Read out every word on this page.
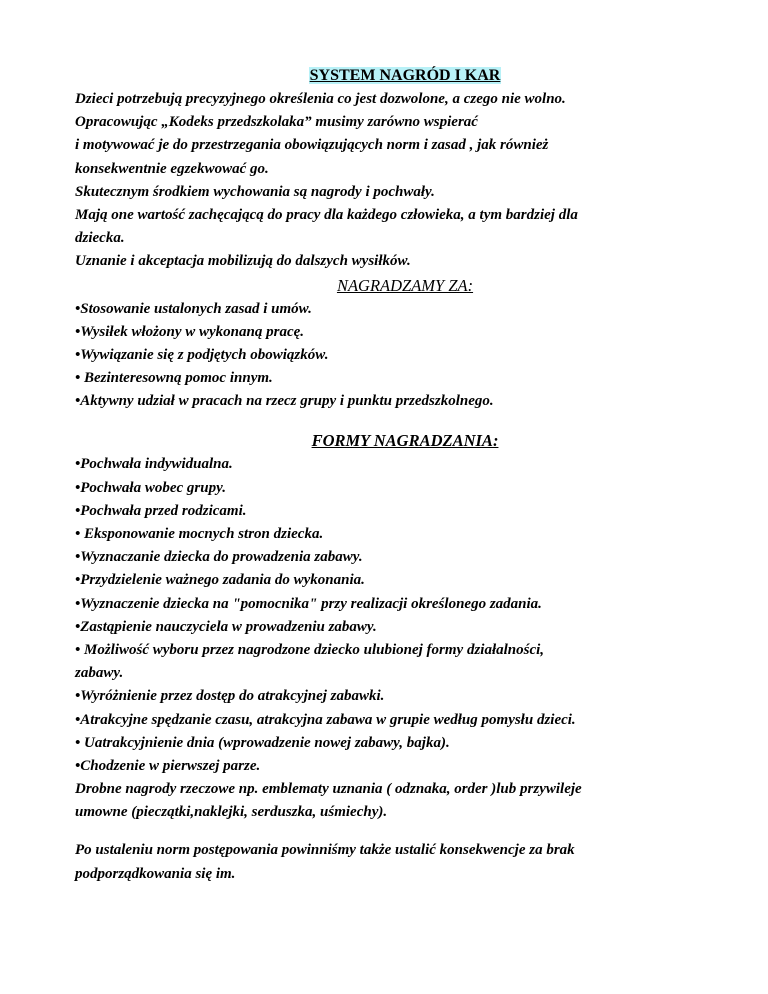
SYSTEM NAGRÓD I KAR
Dzieci potrzebują precyzyjnego określenia co jest dozwolone, a czego nie wolno.
Opracowując „Kodeks przedszkolaka” musimy zarówno wspierać
i motywować je do przestrzegania obowiązujących norm i zasad , jak również
konsekwentnie egzekwować go.
Skutecznym środkiem wychowania są nagrody i pochwały.
Mają one wartość zachęcającą do pracy dla każdego człowieka, a tym bardziej dla
dziecka.
Uznanie i akceptacja mobilizują do dalszych wysiłków.
NAGRADZAMY ZA:
•Stosowanie ustalonych zasad i umów.
•Wysiłek włożony w wykonaną pracę.
•Wywiązanie się z podjętych obowiązków.
• Bezinteresowną pomoc innym.
•Aktywny udział w pracach na rzecz grupy i punktu przedszkolnego.
FORMY NAGRADZANIA:
•Pochwała indywidualna.
•Pochwała wobec grupy.
•Pochwała przed rodzicami.
• Eksponowanie mocnych stron dziecka.
•Wyznaczanie dziecka do prowadzenia zabawy.
•Przydzielenie ważnego zadania do wykonania.
•Wyznaczenie dziecka na "pomocnika" przy realizacji określonego zadania.
•Zastąpienie nauczyciela w prowadzeniu zabawy.
• Możliwość wyboru przez nagrodzone dziecko ulubionej formy działalności,
zabawy.
•Wyróżnienie przez dostęp do atrakcyjnej zabawki.
•Atrakcyjne spędzanie czasu, atrakcyjna zabawa w grupie według pomysłu dzieci.
• Uatrakcyjnienie dnia (wprowadzenie nowej zabawy, bajka).
•Chodzenie w pierwszej parze.
Drobne nagrody rzeczowe np. emblematy uznania ( odznaka, order )lub przywileje
umowne (pieczątki,naklejki, serduszka, uśmiechy).
Po ustaleniu norm postępowania powinniśmy także ustalić konsekwencje za brak
podporządkowania się im.
